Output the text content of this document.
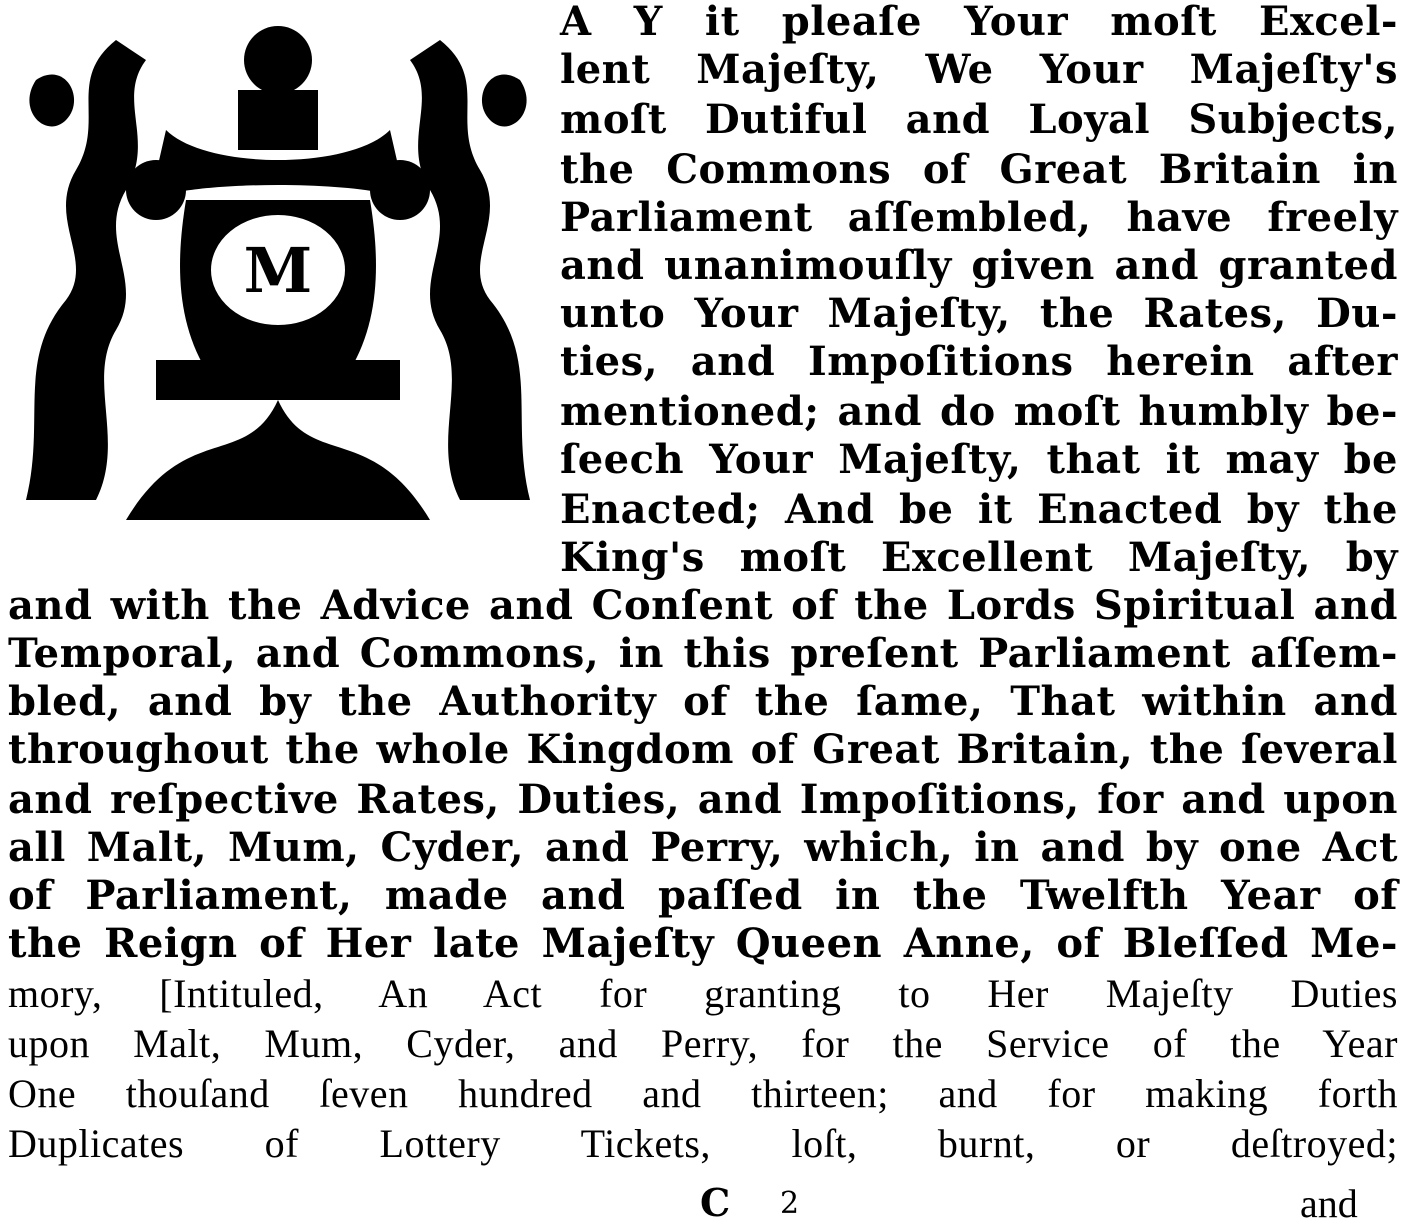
M
A Y it pleaſe Your moſt Excel-
lent Majeſty, We Your Majeſty's
moſt Dutiful and Loyal Subjects,
the Commons of Great Britain in
Parliament aſſembled, have freely
and unanimouſly given and granted
unto Your Majeſty, the Rates, Du-
ties, and Impoſitions herein after
mentioned; and do moſt humbly be-
ſeech Your Majeſty, that it may be
Enacted; And be it Enacted by the
King's moſt Excellent Majeſty, by
and with the Advice and Conſent of the Lords Spiritual and
Temporal, and Commons, in this preſent Parliament aſſem-
bled, and by the Authority of the ſame, That within and
throughout the whole Kingdom of Great Britain, the ſeveral
and reſpective Rates, Duties, and Impoſitions, for and upon
all Malt, Mum, Cyder, and Perry, which, in and by one Act
of Parliament, made and paſſed in the Twelfth Year of
the Reign of Her late Majeſty Queen Anne, of Bleſſed Me-
mory, [Intituled, An Act for granting to Her Majeſty Duties
upon Malt, Mum, Cyder, and Perry, for the Service of the Year
One thouſand ſeven hundred and thirteen; and for making forth
Duplicates of Lottery Tickets, loſt, burnt, or deſtroyed;
C 2	and
